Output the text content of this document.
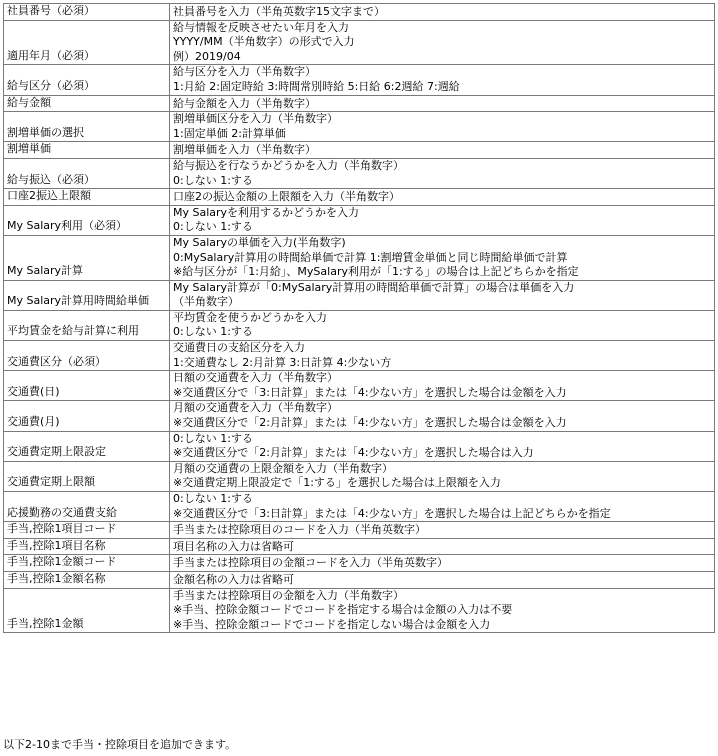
社員番号（必須）	社員番号を入力（半角英数字15文字まで）

適用年月（必須）	給与情報を反映させたい年月を入力
YYYY/MM（半角数字）の形式で入力
例）2019/04

給与区分（必須）	給与区分を入力（半角数字）
1:月給 2:固定時給 3:時間常別時給 5:日給 6:2週給 7:週給

給与金額	給与金額を入力（半角数字）

割増単価の選択	割増単価区分を入力（半角数字）
1:固定単価 2:計算単価

割増単価	割増単価を入力（半角数字）

給与振込（必須）	給与振込を行なうかどうかを入力（半角数字）
0:しない 1:する

口座2振込上限額	口座2の振込金額の上限額を入力（半角数字）

My Salary利用（必須）	My Salaryを利用するかどうかを入力
0:しない 1:する

My Salary計算	My Salaryの単価を入力(半角数字)
0:MySalary計算用の時間給単価で計算 1:割増賃金単価と同じ時間給単価で計算
※給与区分が「1:月給」、MySalary利用が「1:する」の場合は上記どちらかを指定

My Salary計算用時間給単価	My Salary計算が「0:MySalary計算用の時間給単価で計算」の場合は単価を入力
（半角数字）

平均賃金を給与計算に利用	平均賃金を使うかどうかを入力
0:しない 1:する

交通費区分（必須）	交通費日の支給区分を入力
1:交通費なし 2:月計算 3:日計算 4:少ない方

交通費(日)	日額の交通費を入力（半角数字）
※交通費区分で「3:日計算」または「4:少ない方」を選択した場合は金額を入力

交通費(月)	月額の交通費を入力（半角数字）
※交通費区分で「2:月計算」または「4:少ない方」を選択した場合は金額を入力

交通費定期上限設定	0:しない 1:する
※交通費区分で「2:月計算」または「4:少ない方」を選択した場合は入力

交通費定期上限額	月額の交通費の上限金額を入力（半角数字）
※交通費定期上限設定で「1:する」を選択した場合は上限額を入力

応援勤務の交通費支給	0:しない 1:する
※交通費区分で「3:日計算」または「4:少ない方」を選択した場合は上記どちらかを指定

手当,控除1項目コード	手当または控除項目のコードを入力（半角英数字）

手当,控除1項目名称	項目名称の入力は省略可

手当,控除1金額コード	手当または控除項目の金額コードを入力（半角英数字）

手当,控除1金額名称	金額名称の入力は省略可

手当,控除1金額	手当または控除項目の金額を入力（半角数字）
※手当、控除金額コードでコードを指定する場合は金額の入力は不要
※手当、控除金額コードでコードを指定しない場合は金額を入力
以下2-10まで手当・控除項目を追加できます。
